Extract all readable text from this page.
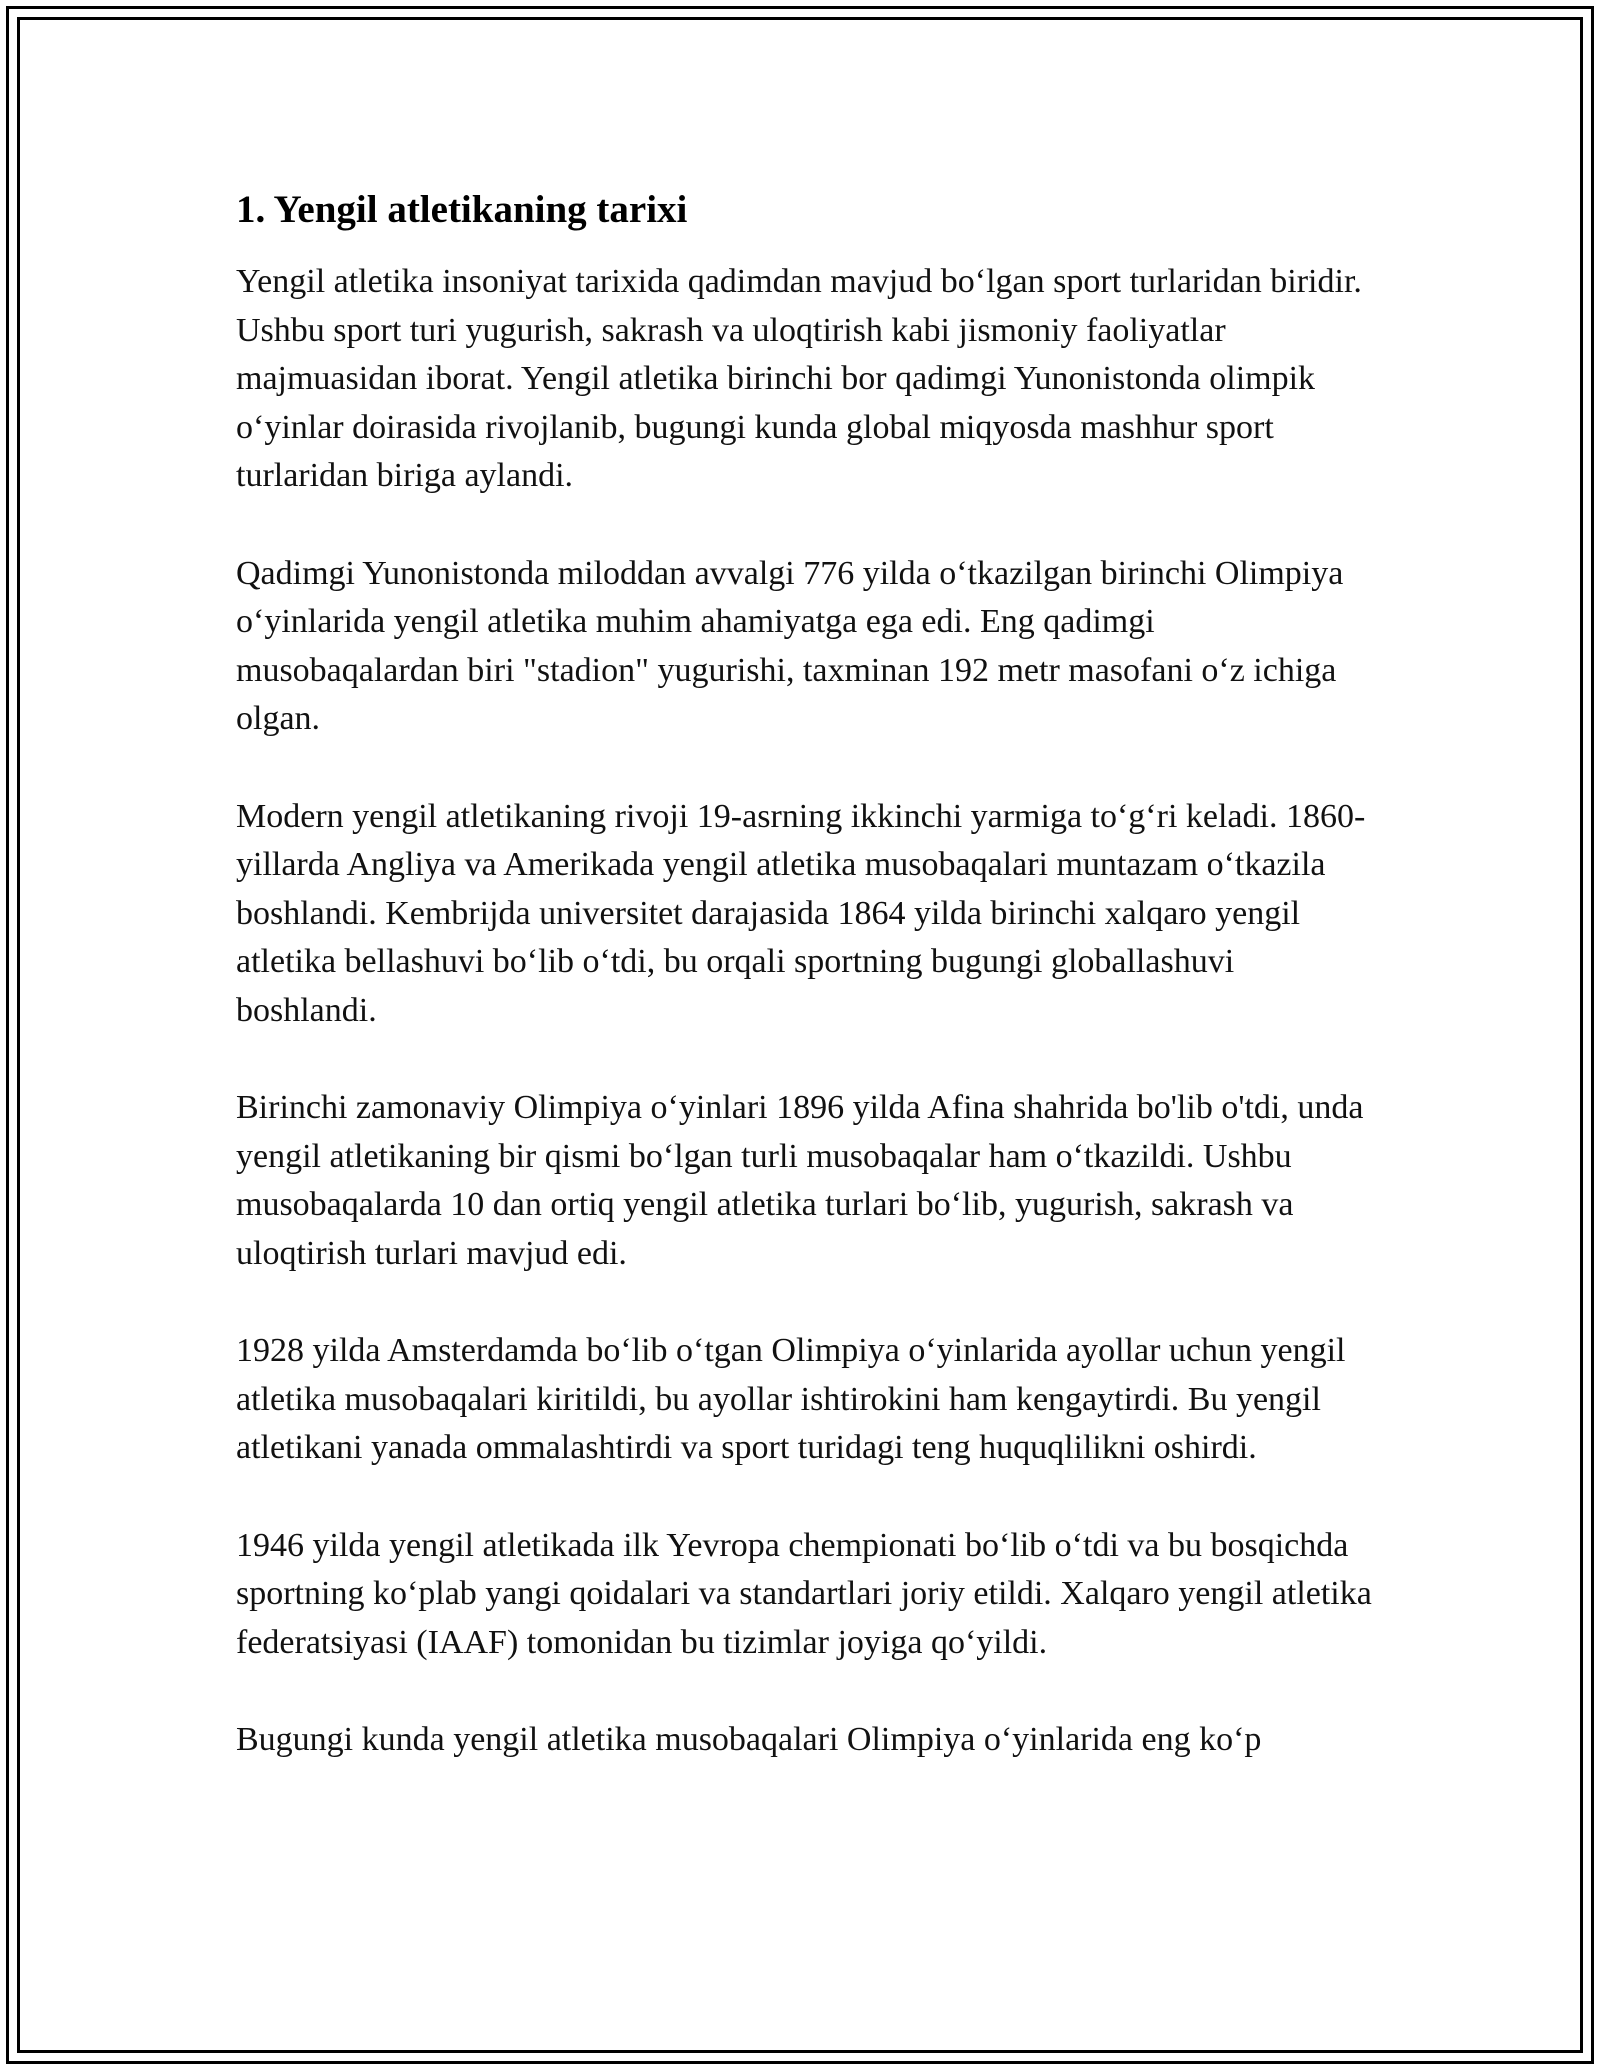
1. Yengil atletikaning tarixi

Yengil atletika insoniyat tarixida qadimdan mavjud bo‘lgan sport turlaridan biridir. Ushbu sport turi yugurish, sakrash va uloqtirish kabi jismoniy faoliyatlar majmuasidan iborat. Yengil atletika birinchi bor qadimgi Yunonistonda olimpik o‘yinlar doirasida rivojlanib, bugungi kunda global miqyosda mashhur sport turlaridan biriga aylandi.

Qadimgi Yunonistonda miloddan avvalgi 776 yilda o‘tkazilgan birinchi Olimpiya o‘yinlarida yengil atletika muhim ahamiyatga ega edi. Eng qadimgi musobaqalardan biri "stadion" yugurishi, taxminan 192 metr masofani o‘z ichiga olgan.

Modern yengil atletikaning rivoji 19-asrning ikkinchi yarmiga to‘g‘ri keladi. 1860-yillarda Angliya va Amerikada yengil atletika musobaqalari muntazam o‘tkazila boshlandi. Kembrijda universitet darajasida 1864 yilda birinchi xalqaro yengil atletika bellashuvi bo‘lib o‘tdi, bu orqali sportning bugungi globallashuvi boshlandi.

Birinchi zamonaviy Olimpiya o‘yinlari 1896 yilda Afina shahrida bo'lib o'tdi, unda yengil atletikaning bir qismi bo‘lgan turli musobaqalar ham o‘tkazildi. Ushbu musobaqalarda 10 dan ortiq yengil atletika turlari bo‘lib, yugurish, sakrash va uloqtirish turlari mavjud edi.

1928 yilda Amsterdamda bo‘lib o‘tgan Olimpiya o‘yinlarida ayollar uchun yengil atletika musobaqalari kiritildi, bu ayollar ishtirokini ham kengaytirdi. Bu yengil atletikani yanada ommalashtirdi va sport turidagi teng huquqlilikni oshirdi.

1946 yilda yengil atletikada ilk Yevropa chempionati bo‘lib o‘tdi va bu bosqichda sportning ko‘plab yangi qoidalari va standartlari joriy etildi. Xalqaro yengil atletika federatsiyasi (IAAF) tomonidan bu tizimlar joyiga qo‘yildi.

Bugungi kunda yengil atletika musobaqalari Olimpiya o‘yinlarida eng ko‘p
